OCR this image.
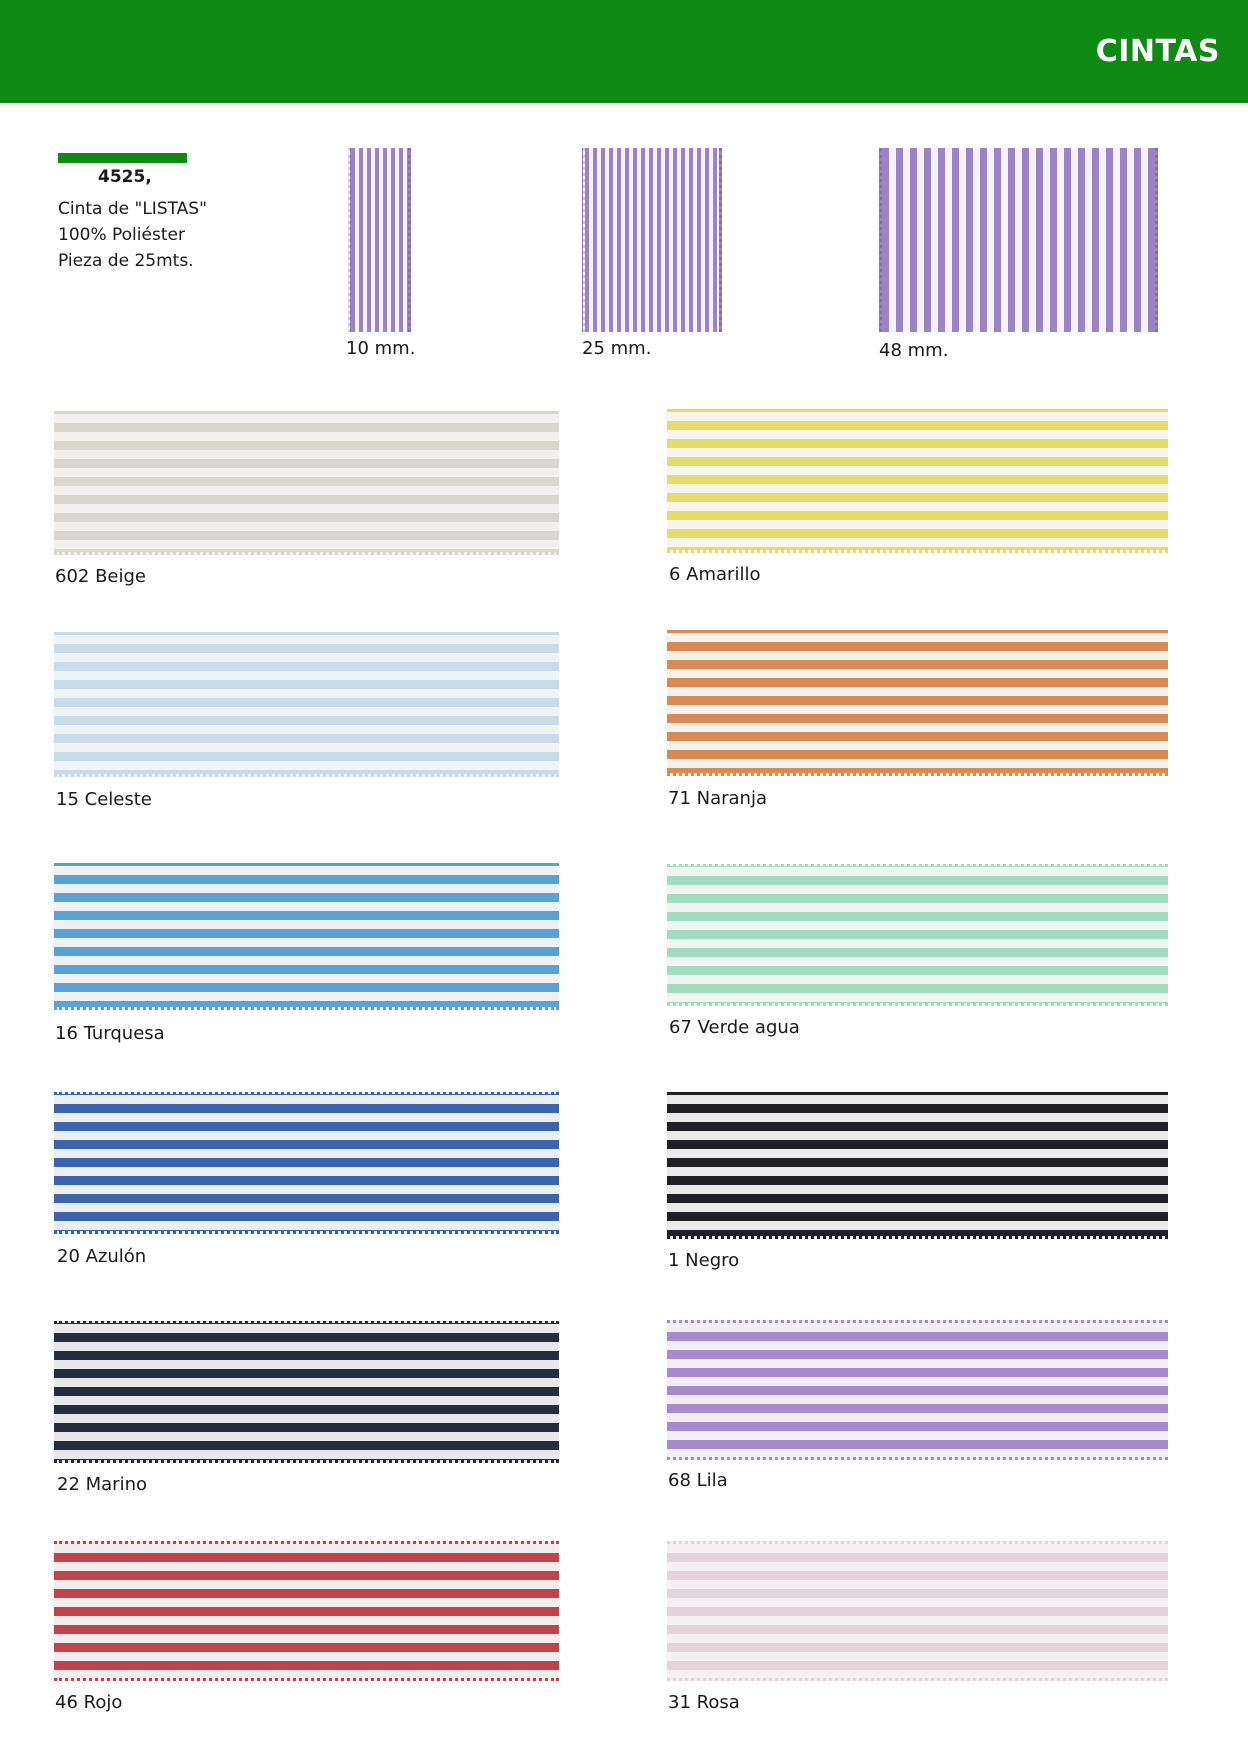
CINTAS
4525,
Cinta de "LISTAS"
100% Poliéster
Pieza de 25mts.
10 mm.	25 mm.	48 mm.
602 Beige	6 Amarillo
15 Celeste	71 Naranja
16 Turquesa	67 Verde agua
20 Azulón	1 Negro
22 Marino	68 Lila
46 Rojo	31 Rosa
